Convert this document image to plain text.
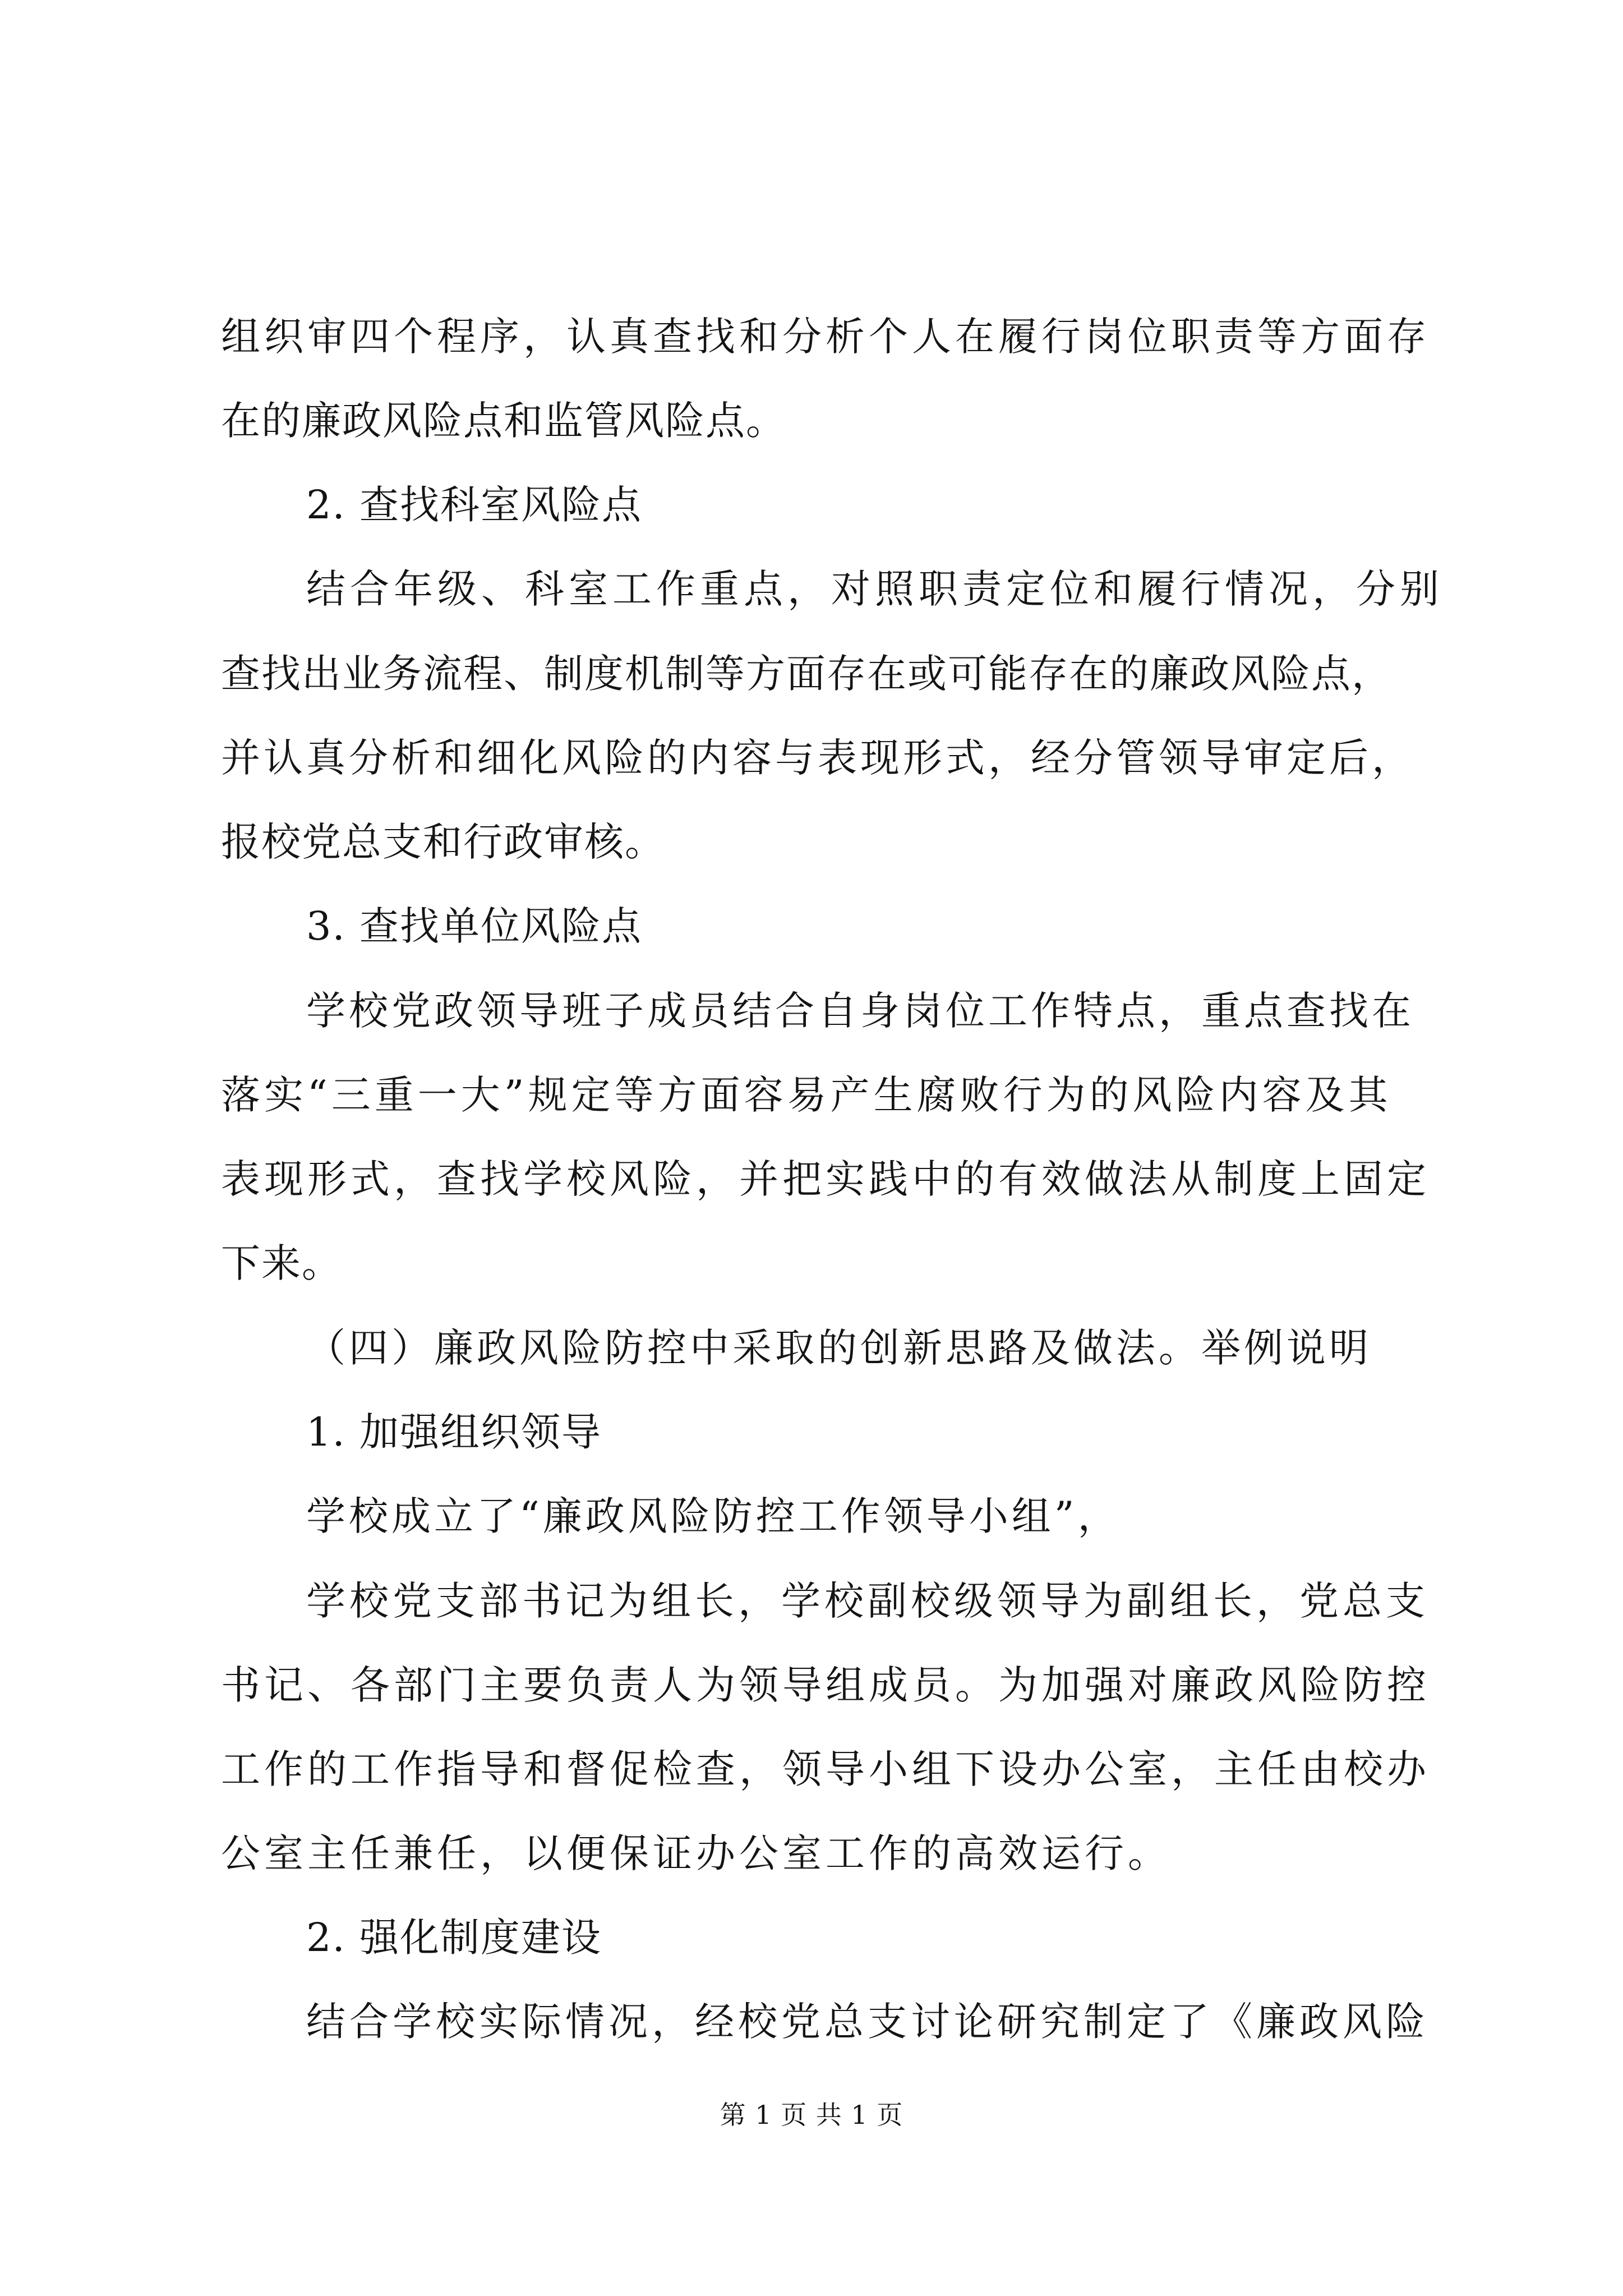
组织审四个程序，认真查找和分析个人在履行岗位职责等方面存
在的廉政风险点和监管风险点。
2. 查找科室风险点
结合年级、科室工作重点，对照职责定位和履行情况，分别
查找出业务流程、制度机制等方面存在或可能存在的廉政风险点，
并认真分析和细化风险的内容与表现形式，经分管领导审定后，
报校党总支和行政审核。
3. 查找单位风险点
学校党政领导班子成员结合自身岗位工作特点，重点查找在
落实“三重一大”规定等方面容易产生腐败行为的风险内容及其
表现形式，查找学校风险，并把实践中的有效做法从制度上固定
下来。
（四）廉政风险防控中采取的创新思路及做法。举例说明
1. 加强组织领导
学校成立了“廉政风险防控工作领导小组”，
学校党支部书记为组长，学校副校级领导为副组长，党总支
书记、各部门主要负责人为领导组成员。为加强对廉政风险防控
工作的工作指导和督促检查，领导小组下设办公室，主任由校办
公室主任兼任，以便保证办公室工作的高效运行。
2. 强化制度建设
结合学校实际情况，经校党总支讨论研究制定了《廉政风险
第 1 页 共 1 页
